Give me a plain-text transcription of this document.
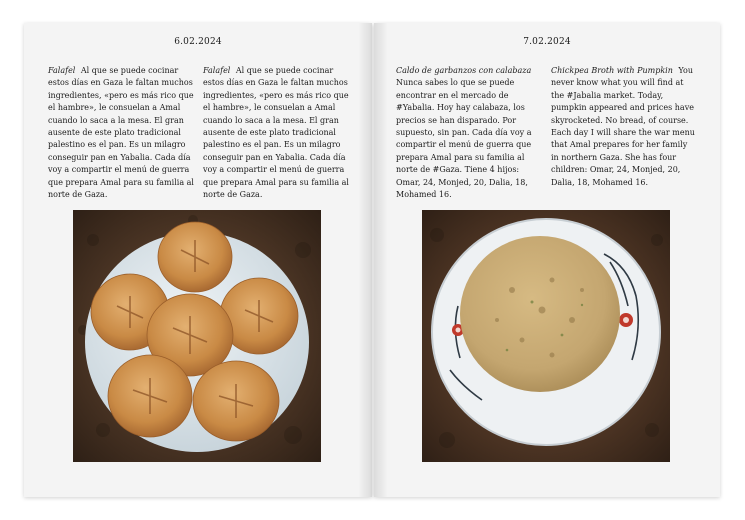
6.02.2024
Falafel Al que se puede cocinar estos días en Gaza le faltan muchos ingredientes, «pero es más rico que el hambre», le consuelan a Amal cuando lo saca a la mesa. El gran ausente de este plato tradicional palestino es el pan. Es un milagro conseguir pan en Yabalia. Cada día voy a compartir el menú de guerra que prepara Amal para su familia al norte de Gaza.
Falafel Al que se puede cocinar estos días en Gaza le faltan muchos ingredientes, «pero es más rico que el hambre», le consuelan a Amal cuando lo saca a la mesa. El gran ausente de este plato tradicional palestino es el pan. Es un milagro conseguir pan en Yabalia. Cada día voy a compartir el menú de guerra que prepara Amal para su familia al norte de Gaza.
7.02.2024
Caldo de garbanzos con calabaza
Nunca sabes lo que se puede encontrar en el mercado de #Yabalia. Hoy hay calabaza, los precios se han disparado. Por supuesto, sin pan. Cada día voy a compartir el menú de guerra que prepara Amal para su familia al norte de #Gaza. Tiene 4 hijos: Omar, 24, Monjed, 20, Dalia, 18, Mohamed 16.
Chickpea Broth with Pumpkin You never know what you will find at the #Jabalia market. Today, pumpkin appeared and prices have skyrocketed. No bread, of course. Each day I will share the war menu that Amal prepares for her family in northern Gaza. She has four children: Omar, 24, Monjed, 20, Dalia, 18, Mohamed 16.
